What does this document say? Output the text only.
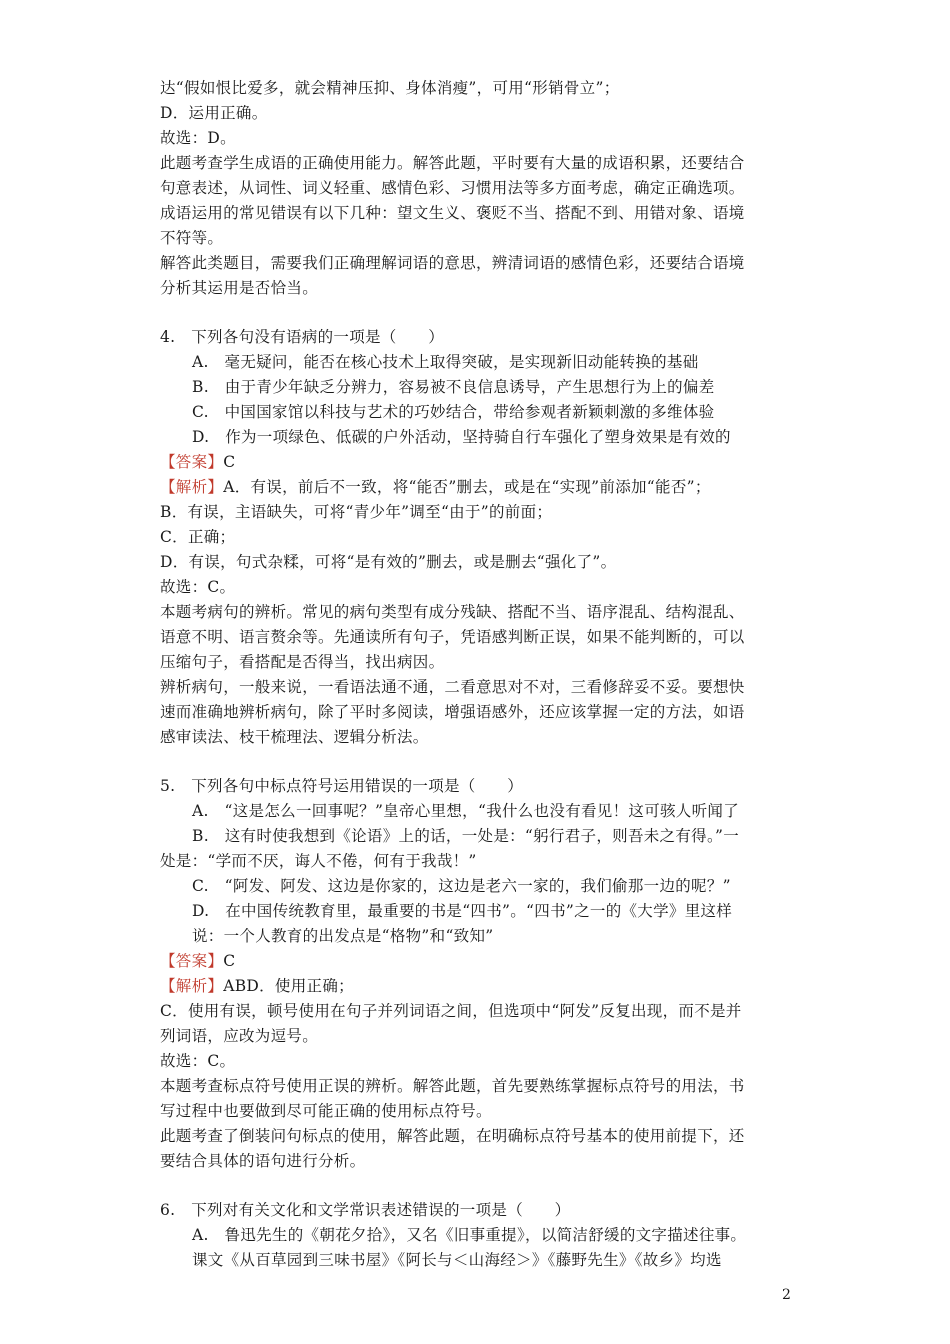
达“假如恨比爱多，就会精神压抑、身体消瘦”，可用“形销骨立”；
D．运用正确。
故选：D。
此题考查学生成语的正确使用能力。解答此题，平时要有大量的成语积累，还要结合
句意表述，从词性、词义轻重、感情色彩、习惯用法等多方面考虑，确定正确选项。
成语运用的常见错误有以下几种：望文生义、褒贬不当、搭配不到、用错对象、语境
不符等。
解答此类题目，需要我们正确理解词语的意思，辨清词语的感情色彩，还要结合语境
分析其运用是否恰当。
4.　下列各句没有语病的一项是（　　）
A.　毫无疑问，能否在核心技术上取得突破，是实现新旧动能转换的基础
B.　由于青少年缺乏分辨力，容易被不良信息诱导，产生思想行为上的偏差
C.　中国国家馆以科技与艺术的巧妙结合，带给参观者新颖刺激的多维体验
D.　作为一项绿色、低碳的户外活动，坚持骑自行车强化了塑身效果是有效的
【答案】C
【解析】A．有误，前后不一致，将“能否”删去，或是在“实现”前添加“能否”；
B．有误，主语缺失，可将“青少年”调至“由于”的前面；
C．正确；
D．有误，句式杂糅，可将“是有效的”删去，或是删去“强化了”。
故选：C。
本题考病句的辨析。常见的病句类型有成分残缺、搭配不当、语序混乱、结构混乱、
语意不明、语言赘余等。先通读所有句子，凭语感判断正误，如果不能判断的，可以
压缩句子，看搭配是否得当，找出病因。
辨析病句，一般来说，一看语法通不通，二看意思对不对，三看修辞妥不妥。要想快
速而准确地辨析病句，除了平时多阅读，增强语感外，还应该掌握一定的方法，如语
感审读法、枝干梳理法、逻辑分析法。
5.　下列各句中标点符号运用错误的一项是（　　）
A.　“这是怎么一回事呢？”皇帝心里想，“我什么也没有看见！这可骇人听闻了
B.　这有时使我想到《论语》上的话，一处是：“躬行君子，则吾未之有得。”一
处是：“学而不厌，诲人不倦，何有于我哉！”
C.　“阿发、阿发、这边是你家的，这边是老六一家的，我们偷那一边的呢？”
D.　在中国传统教育里，最重要的书是“四书”。“四书”之一的《大学》里这样
说：一个人教育的出发点是“格物”和“致知”
【答案】C
【解析】ABD．使用正确；
C．使用有误，顿号使用在句子并列词语之间，但选项中“阿发”反复出现，而不是并
列词语，应改为逗号。
故选：C。
本题考查标点符号使用正误的辨析。解答此题，首先要熟练掌握标点符号的用法，书
写过程中也要做到尽可能正确的使用标点符号。
此题考查了倒装问句标点的使用，解答此题，在明确标点符号基本的使用前提下，还
要结合具体的语句进行分析。
6.　下列对有关文化和文学常识表述错误的一项是（　　）
A.　鲁迅先生的《朝花夕拾》，又名《旧事重提》，以简洁舒缓的文字描述往事。
课文《从百草园到三味书屋》《阿长与＜山海经＞》《藤野先生》《故乡》均选
2
